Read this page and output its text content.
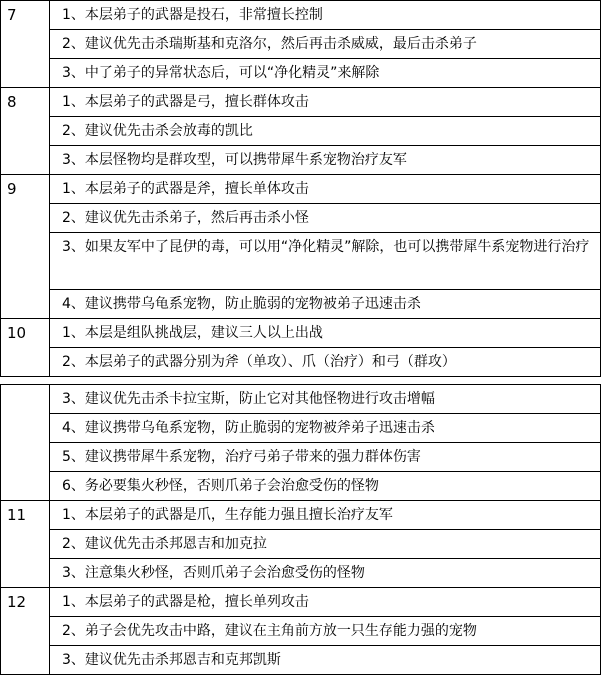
7	1、本层弟子的武器是投石，非常擅长控制
	2、建议优先击杀瑞斯基和克洛尔，然后再击杀威威，最后击杀弟子
	3、中了弟子的异常状态后，可以“净化精灵”来解除
8	1、本层弟子的武器是弓，擅长群体攻击
	2、建议优先击杀会放毒的凯比
	3、本层怪物均是群攻型，可以携带犀牛系宠物治疗友军
9	1、本层弟子的武器是斧，擅长单体攻击
	2、建议优先击杀弟子，然后再击杀小怪
	3、如果友军中了昆伊的毒，可以用“净化精灵”解除，也可以携带犀牛系宠物进行治疗
	4、建议携带乌龟系宠物，防止脆弱的宠物被弟子迅速击杀
10	1、本层是组队挑战层，建议三人以上出战
	2、本层弟子的武器分别为斧（单攻）、爪（治疗）和弓（群攻）
	3、建议优先击杀卡拉宝斯，防止它对其他怪物进行攻击增幅
	4、建议携带乌龟系宠物，防止脆弱的宠物被斧弟子迅速击杀
	5、建议携带犀牛系宠物，治疗弓弟子带来的强力群体伤害
	6、务必要集火秒怪，否则爪弟子会治愈受伤的怪物
11	1、本层弟子的武器是爪，生存能力强且擅长治疗友军
	2、建议优先击杀邦恩吉和加克拉
	3、注意集火秒怪，否则爪弟子会治愈受伤的怪物
12	1、本层弟子的武器是枪，擅长单列攻击
	2、弟子会优先攻击中路，建议在主角前方放一只生存能力强的宠物
	3、建议优先击杀邦恩吉和克邦凯斯
